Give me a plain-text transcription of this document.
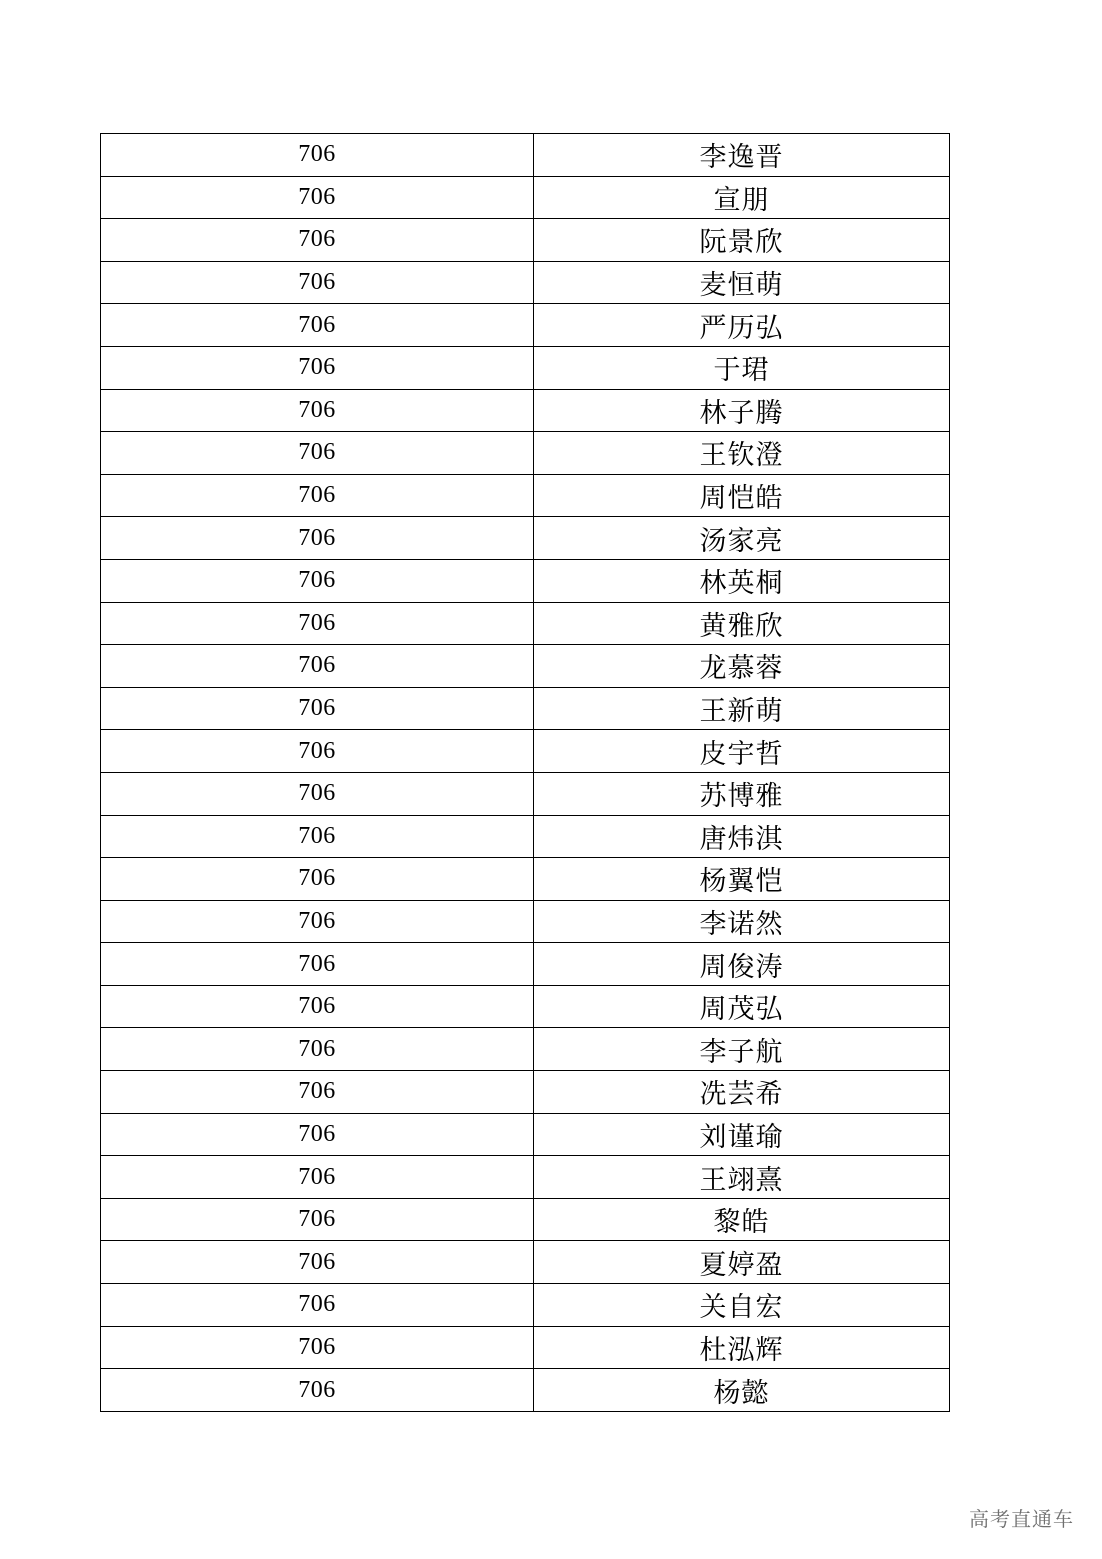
706	李逸晋
706	宣朋
706	阮景欣
706	麦恒萌
706	严历弘
706	于珺
706	林子腾
706	王钦澄
706	周恺皓
706	汤家亮
706	林英桐
706	黄雅欣
706	龙慕蓉
706	王新萌
706	皮宇哲
706	苏博雅
706	唐炜淇
706	杨翼恺
706	李诺然
706	周俊涛
706	周茂弘
706	李子航
706	冼芸希
706	刘谨瑜
706	王翊熹
706	黎皓
706	夏婷盈
706	关自宏
706	杜泓辉
706	杨懿
高考直通车
